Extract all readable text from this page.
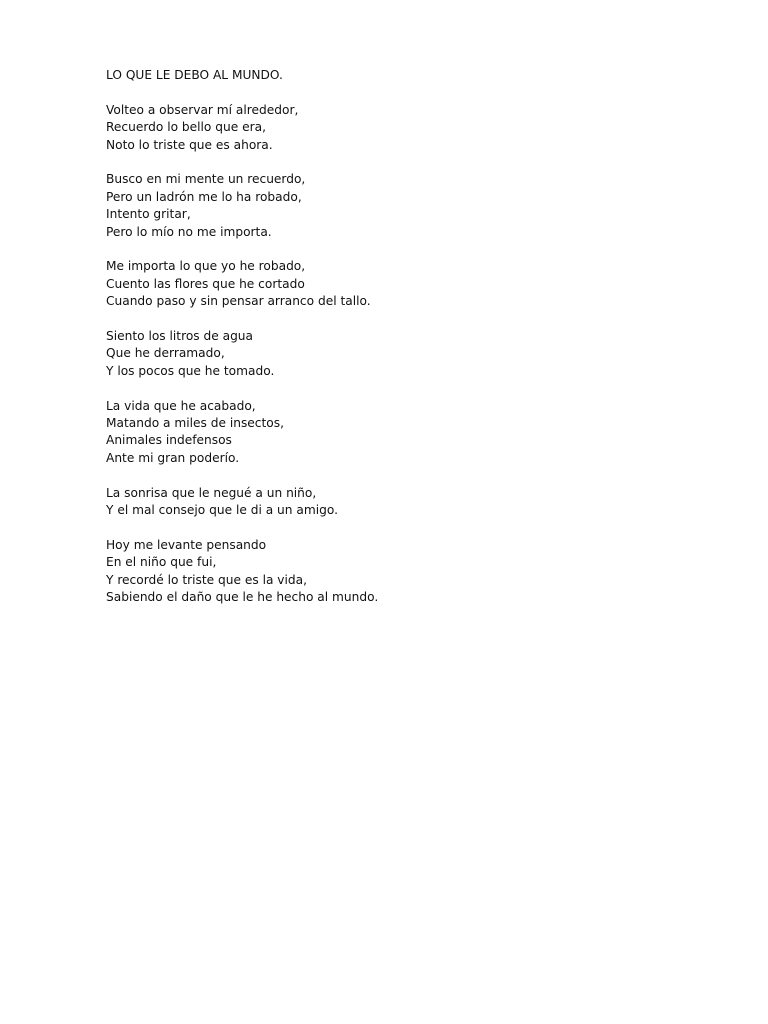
LO QUE LE DEBO AL MUNDO.
Volteo a observar mí alrededor,
Recuerdo lo bello que era,
Noto lo triste que es ahora.
Busco en mi mente un recuerdo,
Pero un ladrón me lo ha robado,
Intento gritar,
Pero lo mío no me importa.
Me importa lo que yo he robado,
Cuento las flores que he cortado
Cuando paso y sin pensar arranco del tallo.
Siento los litros de agua
Que he derramado,
Y los pocos que he tomado.
La vida que he acabado,
Matando a miles de insectos,
Animales indefensos
Ante mi gran poderío.
La sonrisa que le negué a un niño,
Y el mal consejo que le di a un amigo.
Hoy me levante pensando
En el niño que fui,
Y recordé lo triste que es la vida,
Sabiendo el daño que le he hecho al mundo.
